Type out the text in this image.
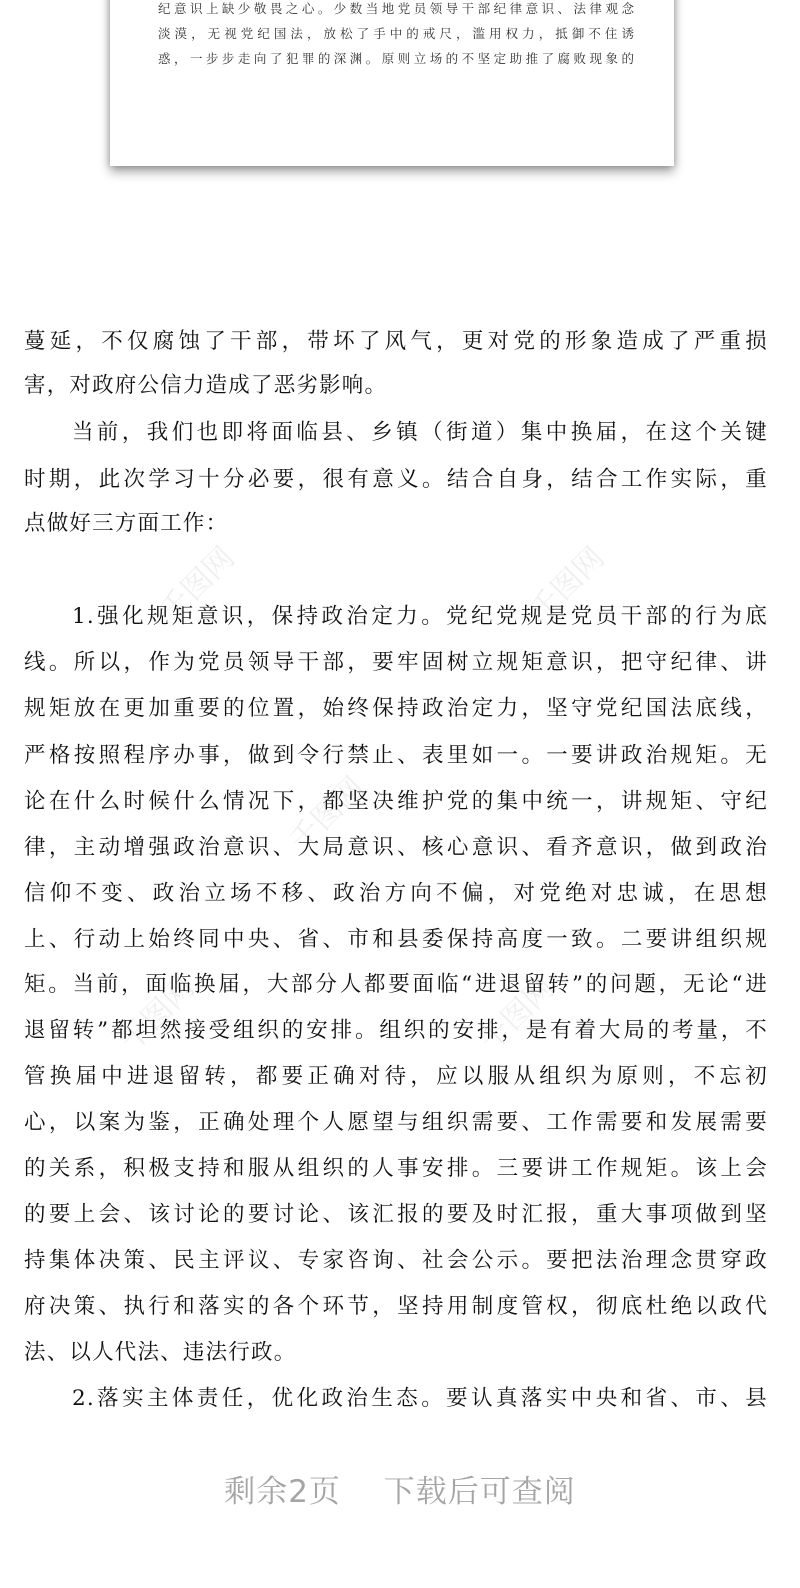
纪意识上缺少敬畏之心。少数当地党员领导干部纪律意识、法律观念
淡漠，无视党纪国法，放松了手中的戒尺，滥用权力，抵御不住诱
惑，一步步走向了犯罪的深渊。原则立场的不坚定助推了腐败现象的
千图网	千图网
千图网
千图网	千图网
蔓延，不仅腐蚀了干部，带坏了风气，更对党的形象造成了严重损
害，对政府公信力造成了恶劣影响。
当前，我们也即将面临县、乡镇（街道）集中换届，在这个关键
时期，此次学习十分必要，很有意义。结合自身，结合工作实际，重
点做好三方面工作：
1.强化规矩意识，保持政治定力。党纪党规是党员干部的行为底
线。所以，作为党员领导干部，要牢固树立规矩意识，把守纪律、讲
规矩放在更加重要的位置，始终保持政治定力，坚守党纪国法底线，
严格按照程序办事，做到令行禁止、表里如一。一要讲政治规矩。无
论在什么时候什么情况下，都坚决维护党的集中统一，讲规矩、守纪
律，主动增强政治意识、大局意识、核心意识、看齐意识，做到政治
信仰不变、政治立场不移、政治方向不偏，对党绝对忠诚，在思想
上、行动上始终同中央、省、市和县委保持高度一致。二要讲组织规
矩。当前，面临换届，大部分人都要面临“进退留转”的问题，无论“进
退留转”都坦然接受组织的安排。组织的安排，是有着大局的考量，不
管换届中进退留转，都要正确对待，应以服从组织为原则，不忘初
心，以案为鉴，正确处理个人愿望与组织需要、工作需要和发展需要
的关系，积极支持和服从组织的人事安排。三要讲工作规矩。该上会
的要上会、该讨论的要讨论、该汇报的要及时汇报，重大事项做到坚
持集体决策、民主评议、专家咨询、社会公示。要把法治理念贯穿政
府决策、执行和落实的各个环节，坚持用制度管权，彻底杜绝以政代
法、以人代法、违法行政。
2.落实主体责任，优化政治生态。要认真落实中央和省、市、县
剩余2页 下载后可查阅
